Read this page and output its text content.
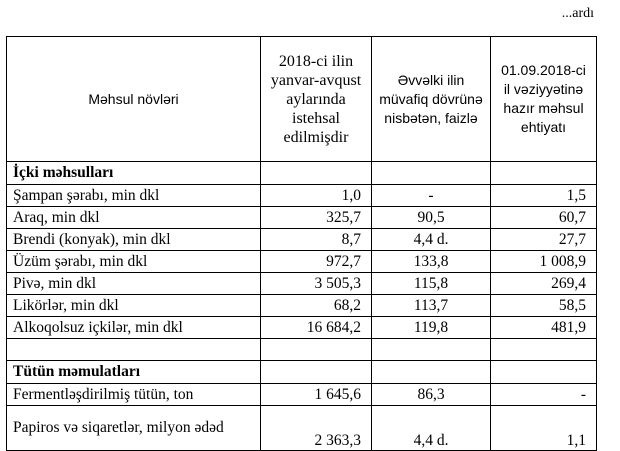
...ardı
Məhsul növləri	2018-ci ilin yanvar-avqust aylarında istehsal edilmişdir	Əvvəlki ilin müvafiq dövrünə nisbətən, faizlə	01.09.2018-ci il vəziyyətinə hazır məhsul ehtiyatı
İçki məhsulları			
Şampan şərabı, min dkl	1,0	-	1,5
Araq, min dkl	325,7	90,5	60,7
Brendi (konyak), min dkl	8,7	4,4 d.	27,7
Üzüm şərabı, min dkl	972,7	133,8	1 008,9
Pivə, min dkl	3 505,3	115,8	269,4
Likörlər, min dkl	68,2	113,7	58,5
Alkoqolsuz içkilər, min dkl	16 684,2	119,8	481,9

Tütün məmulatları			
Fermentləşdirilmiş tütün, ton	1 645,6	86,3	-
Papiros və siqaretlər, milyon ədəd	2 363,3	4,4 d.	1,1
